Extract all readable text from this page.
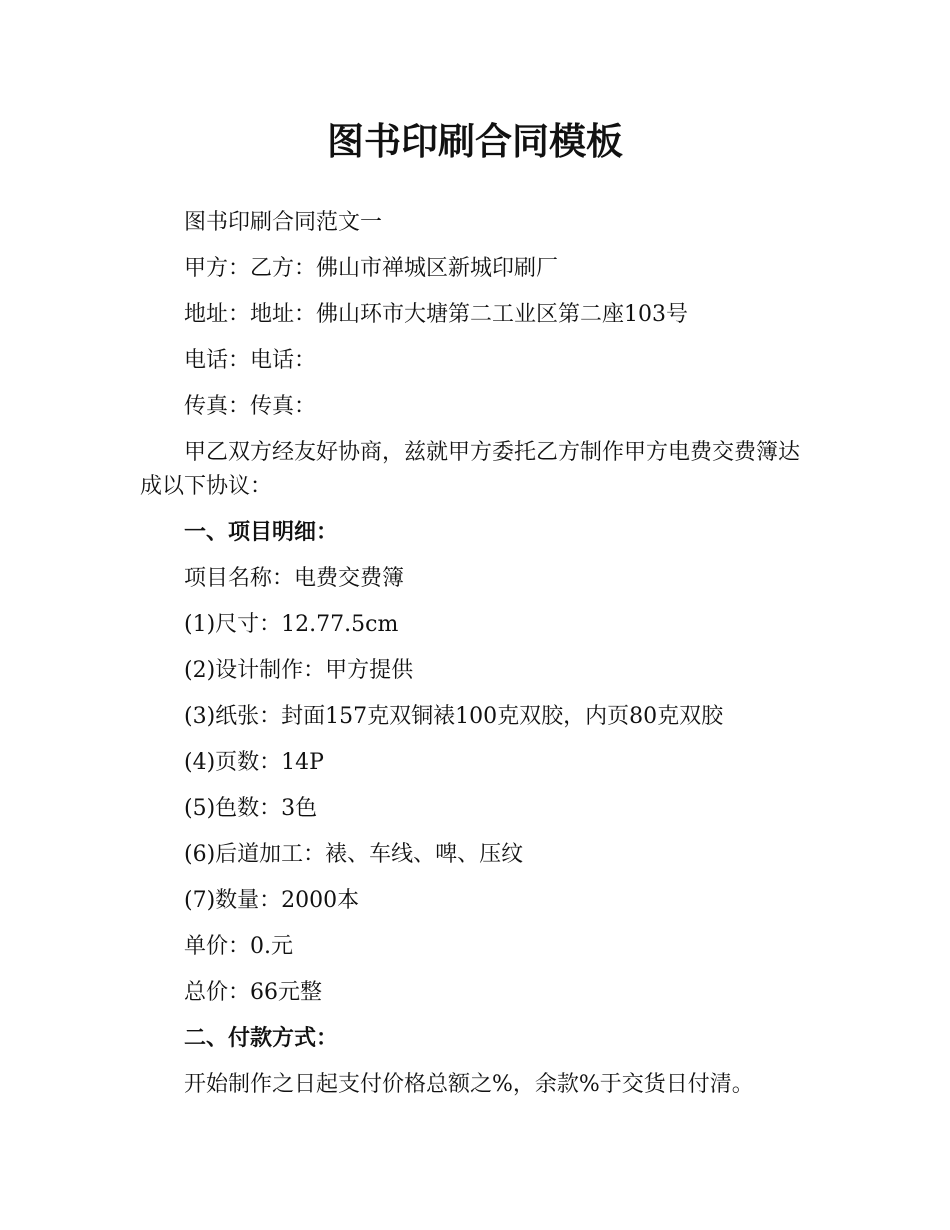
图书印刷合同模板

图书印刷合同范文一

甲方：乙方：佛山市禅城区新城印刷厂

地址：地址：佛山环市大塘第二工业区第二座103号

电话：电话：

传真：传真：

甲乙双方经友好协商，兹就甲方委托乙方制作甲方电费交费簿达成以下协议：

一、项目明细：

项目名称：电费交费簿

(1)尺寸：12.77.5cm

(2)设计制作：甲方提供

(3)纸张：封面157克双铜裱100克双胶，内页80克双胶

(4)页数：14P

(5)色数：3色

(6)后道加工：裱、车线、啤、压纹

(7)数量：2000本

单价：0.元

总价：66元整

二、付款方式：

开始制作之日起支付价格总额之%，余款%于交货日付清。
